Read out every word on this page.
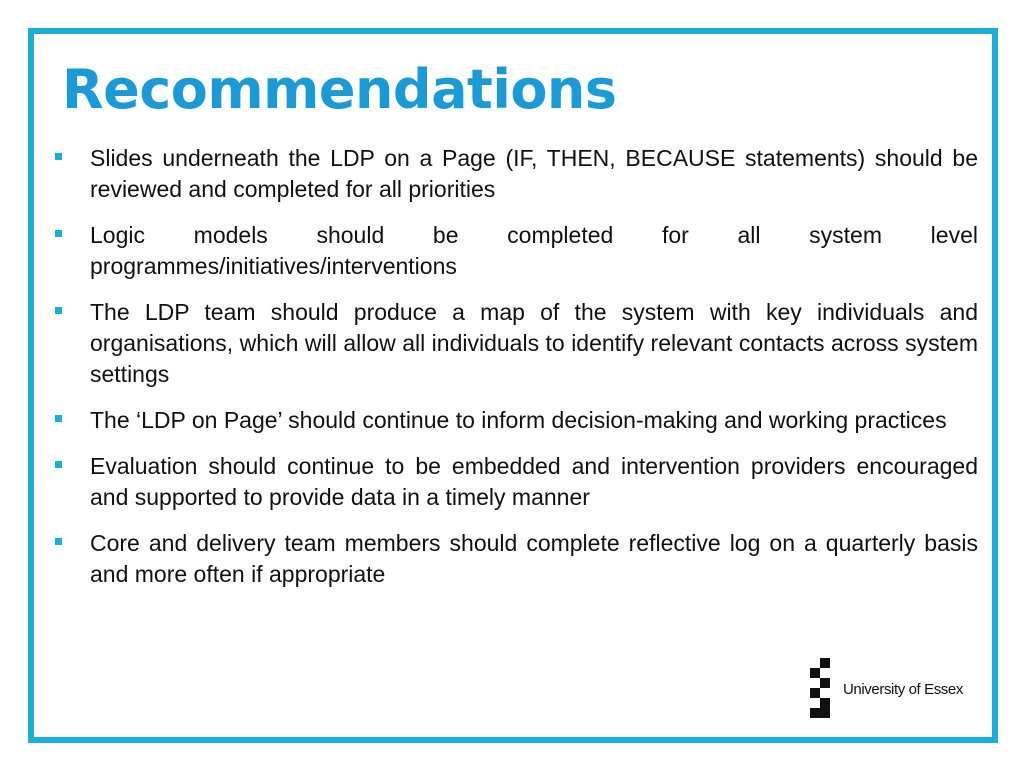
Recommendations
Slides underneath the LDP on a Page (IF, THEN, BECAUSE statements) should be reviewed and completed for all priorities
Logic models should be completed for all system level programmes/initiatives/interventions
The LDP team should produce a map of the system with key individuals and organisations, which will allow all individuals to identify relevant contacts across system settings
The ‘LDP on Page’ should continue to inform decision-making and working practices
Evaluation should continue to be embedded and intervention providers encouraged and supported to provide data in a timely manner
Core and delivery team members should complete reflective log on a quarterly basis and more often if appropriate
University of Essex
